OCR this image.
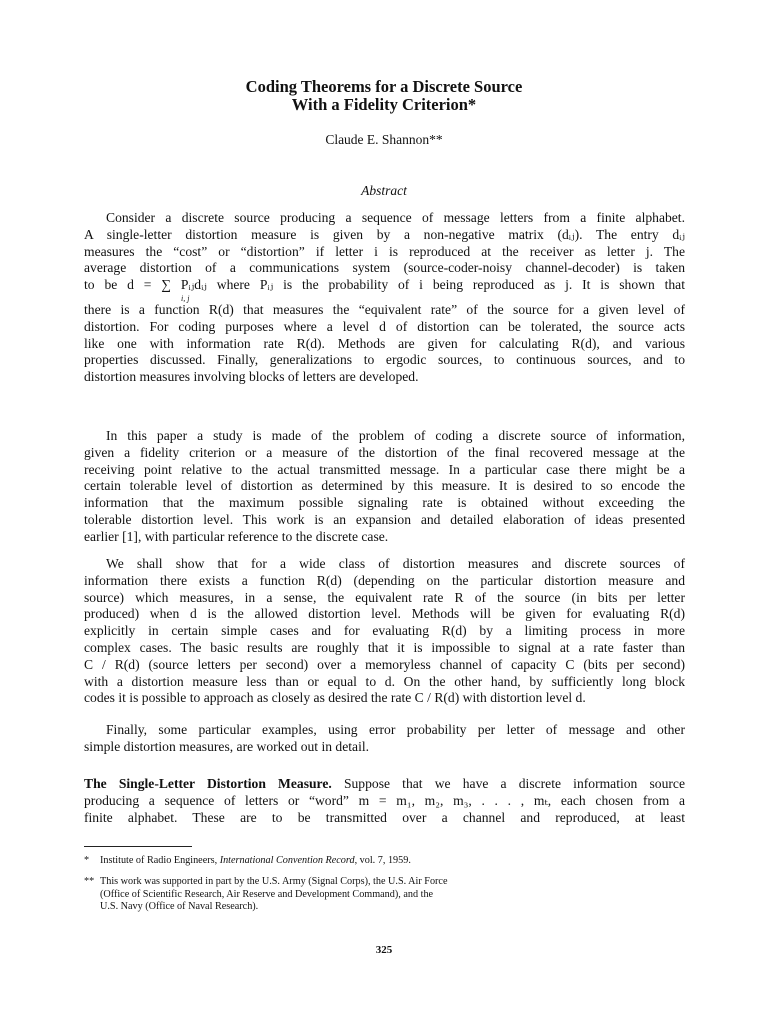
Coding Theorems for a Discrete Source
With a Fidelity Criterion*
Claude E. Shannon**
Abstract
Consider a discrete source producing a sequence of message letters from a finite alphabet.
A single-letter distortion measure is given by a non-negative matrix (dᵢⱼ). The entry dᵢⱼ
measures the “cost” or “distortion” if letter i is reproduced at the receiver as letter j. The
average distortion of a communications system (source-coder-noisy channel-decoder) is taken
to be d = ∑ Pᵢⱼdᵢⱼ where Pᵢⱼ is the probability of i being reproduced as j. It is shown that
i, j
there is a function R(d) that measures the “equivalent rate” of the source for a given level of
distortion. For coding purposes where a level d of distortion can be tolerated, the source acts
like one with information rate R(d). Methods are given for calculating R(d), and various
properties discussed. Finally, generalizations to ergodic sources, to continuous sources, and to
distortion measures involving blocks of letters are developed.
In this paper a study is made of the problem of coding a discrete source of information,
given a fidelity criterion or a measure of the distortion of the final recovered message at the
receiving point relative to the actual transmitted message. In a particular case there might be a
certain tolerable level of distortion as determined by this measure. It is desired to so encode the
information that the maximum possible signaling rate is obtained without exceeding the
tolerable distortion level. This work is an expansion and detailed elaboration of ideas presented
earlier [1], with particular reference to the discrete case.
We shall show that for a wide class of distortion measures and discrete sources of
information there exists a function R(d) (depending on the particular distortion measure and
source) which measures, in a sense, the equivalent rate R of the source (in bits per letter
produced) when d is the allowed distortion level. Methods will be given for evaluating R(d)
explicitly in certain simple cases and for evaluating R(d) by a limiting process in more
complex cases. The basic results are roughly that it is impossible to signal at a rate faster than
C / R(d) (source letters per second) over a memoryless channel of capacity C (bits per second)
with a distortion measure less than or equal to d. On the other hand, by sufficiently long block
codes it is possible to approach as closely as desired the rate C / R(d) with distortion level d.
Finally, some particular examples, using error probability per letter of message and other
simple distortion measures, are worked out in detail.
The Single-Letter Distortion Measure. Suppose that we have a discrete information source
producing a sequence of letters or “word” m = m₁, m₂, m₃, . . . , mₜ, each chosen from a
finite alphabet. These are to be transmitted over a channel and reproduced, at least
* Institute of Radio Engineers, International Convention Record, vol. 7, 1959.
** This work was supported in part by the U.S. Army (Signal Corps), the U.S. Air Force
(Office of Scientific Research, Air Reserve and Development Command), and the
U.S. Navy (Office of Naval Research).
325
